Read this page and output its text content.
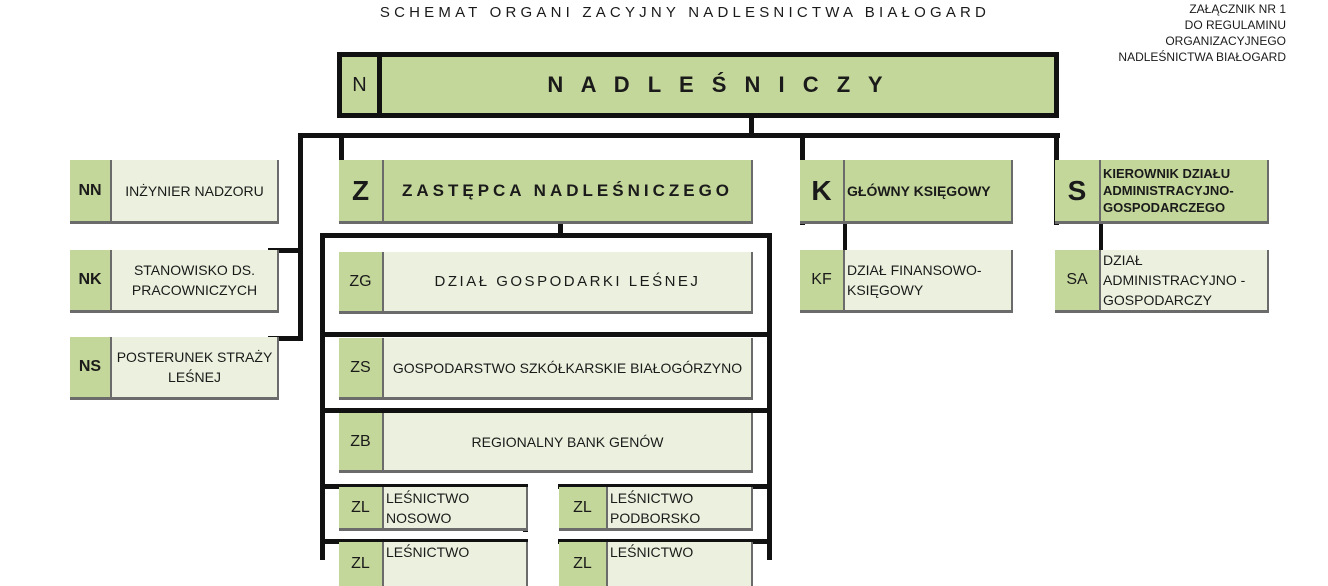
SCHEMAT ORGANI ZACYJNY NADLESNICTWA BIAŁOGARD	ZAŁĄCZNIK NR 1
DO REGULAMINU
ORGANIZACYJNEGO
NADLEŚNICTWA BIAŁOGARD
N	N A D L E Ś N I C Z Y
NN	INŻYNIER NADZORU
NK
STANOWISKO DS. PRACOWNICZYCH
NS
POSTERUNEK STRAŻY LEŚNEJ
Z	ZASTĘPCA NADLEŚNICZEGO	K	GŁÓWNY KSIĘGOWY	S
KIEROWNIK DZIAŁU ADMINISTRACYJNO-GOSPODARCZEGO
KF
DZIAŁ FINANSOWO-KSIĘGOWY
SA
DZIAŁ ADMINISTRACYJNO - GOSPODARCZY
ZG	DZIAŁ GOSPODARKI LEŚNEJ
ZS	GOSPODARSTWO SZKÓŁKARSKIE BIAŁOGÓRZYNO
ZB	REGIONALNY BANK GENÓW
ZL
LEŚNICTWO NOSOWO
ZL
LEŚNICTWO PODBORSKO
ZL
LEŚNICTWO
ZL
LEŚNICTWO
